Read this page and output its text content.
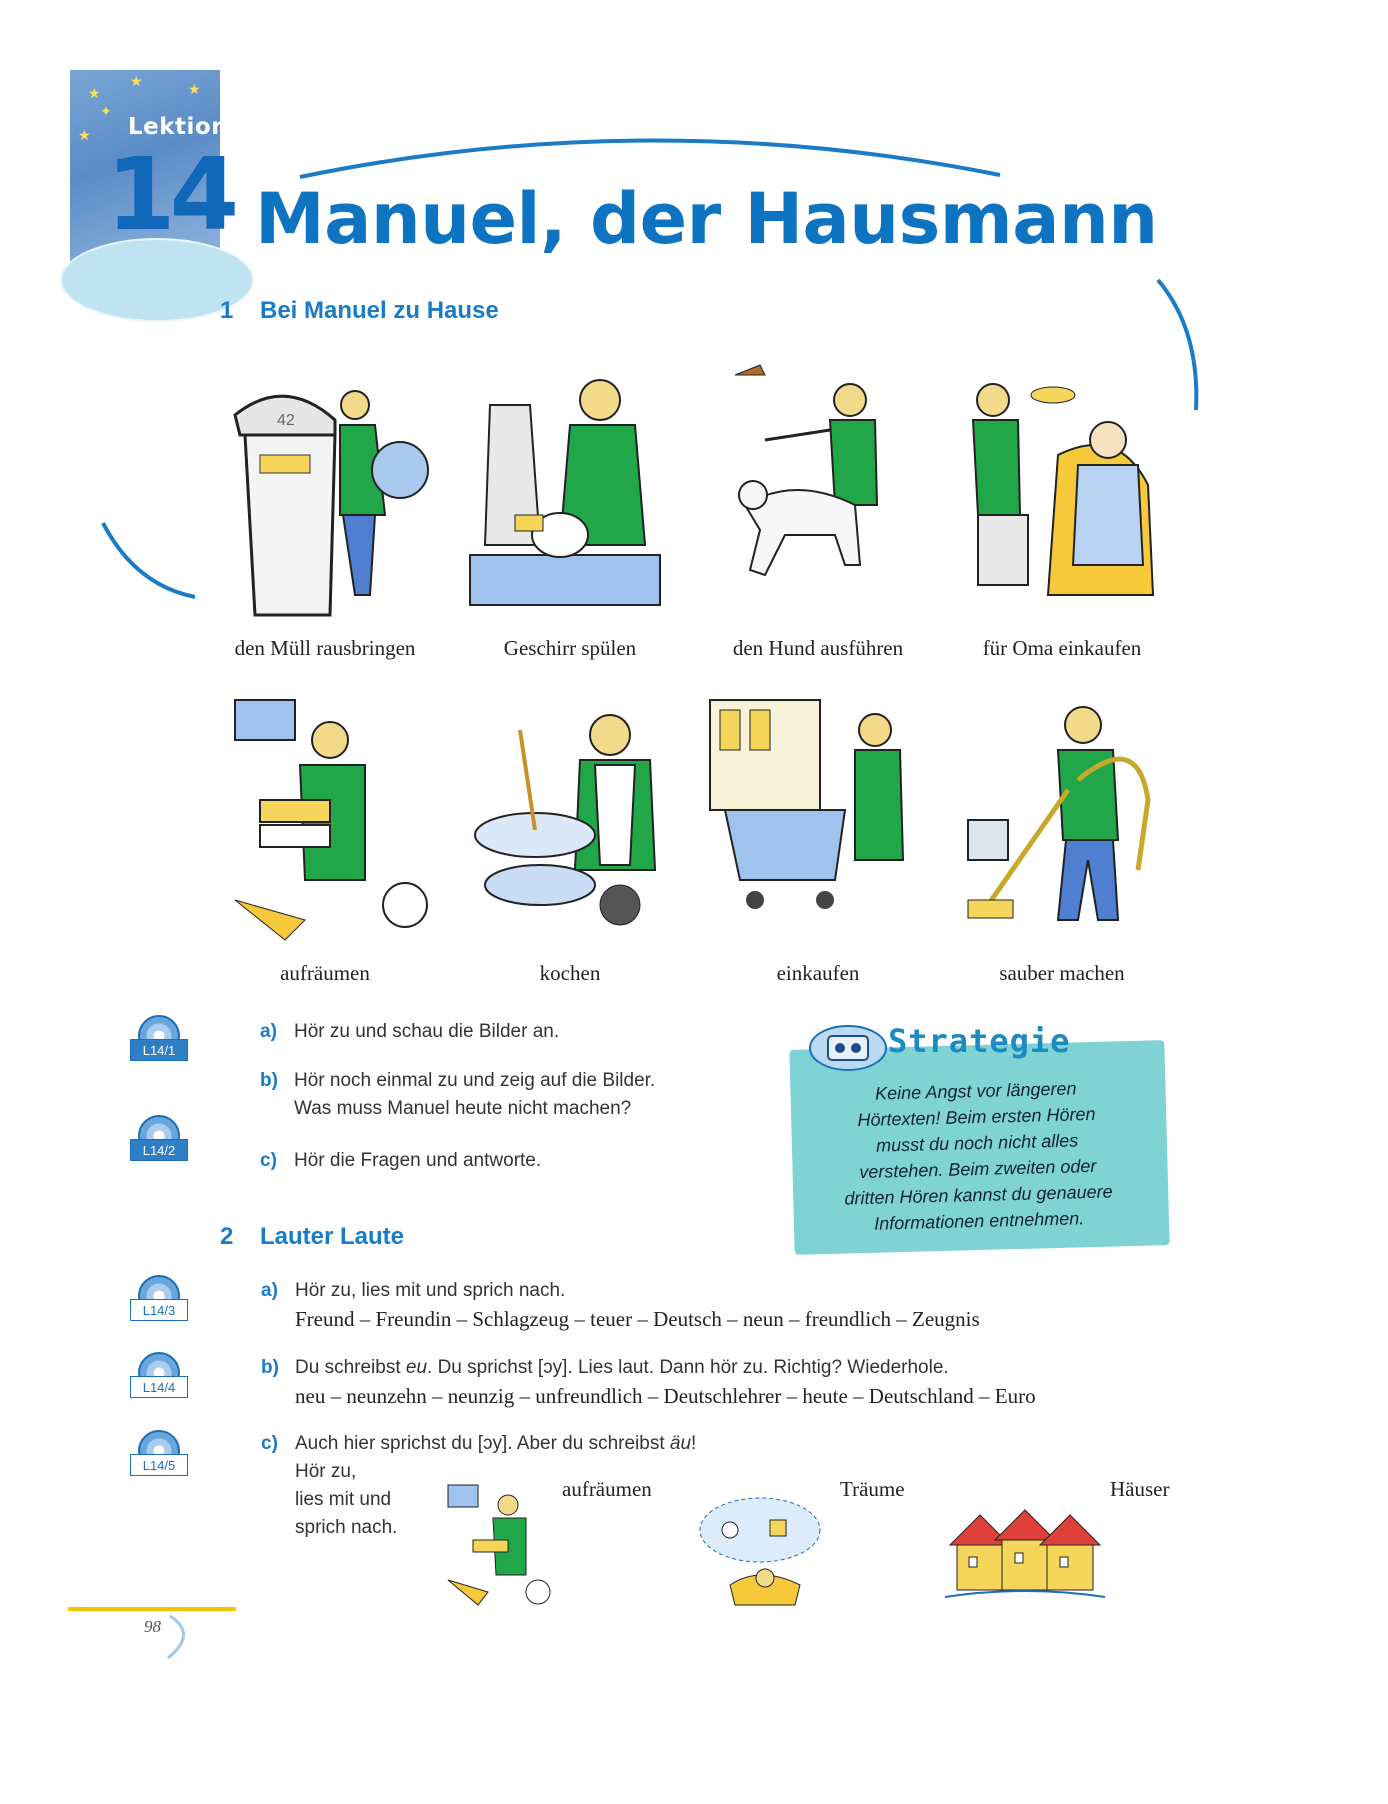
★
★	★
★
✦
Lektion
14 Manuel, der Hausmann
1 Bei Manuel zu Hause
42
den Müll rausbringen	Geschirr spülen	den Hund ausführen	für Oma einkaufen
aufräumen	kochen	einkaufen	sauber machen
L14/1
L14/2
a) Hör zu und schau die Bilder an.
b) Hör noch einmal zu und zeig auf die Bilder.
Was muss Manuel heute nicht machen?
c) Hör die Fragen und antworte.
Strategie
Keine Angst vor längeren
Hörtexten! Beim ersten Hören
musst du noch nicht alles
verstehen. Beim zweiten oder
dritten Hören kannst du genauere
Informationen entnehmen.
2 Lauter Laute
L14/3
L14/4
L14/5
a) Hör zu, lies mit und sprich nach.
Freund – Freundin – Schlagzeug – teuer – Deutsch – neun – freundlich – Zeugnis
b) Du schreibst eu. Du sprichst [ɔy]. Lies laut. Dann hör zu. Richtig? Wiederhole.
neu – neunzehn – neunzig – unfreundlich – Deutschlehrer – heute – Deutschland – Euro
c) Auch hier sprichst du [ɔy]. Aber du schreibst äu!
Hör zu,
lies mit und
sprich nach.
aufräumen	Träume	Häuser
98
